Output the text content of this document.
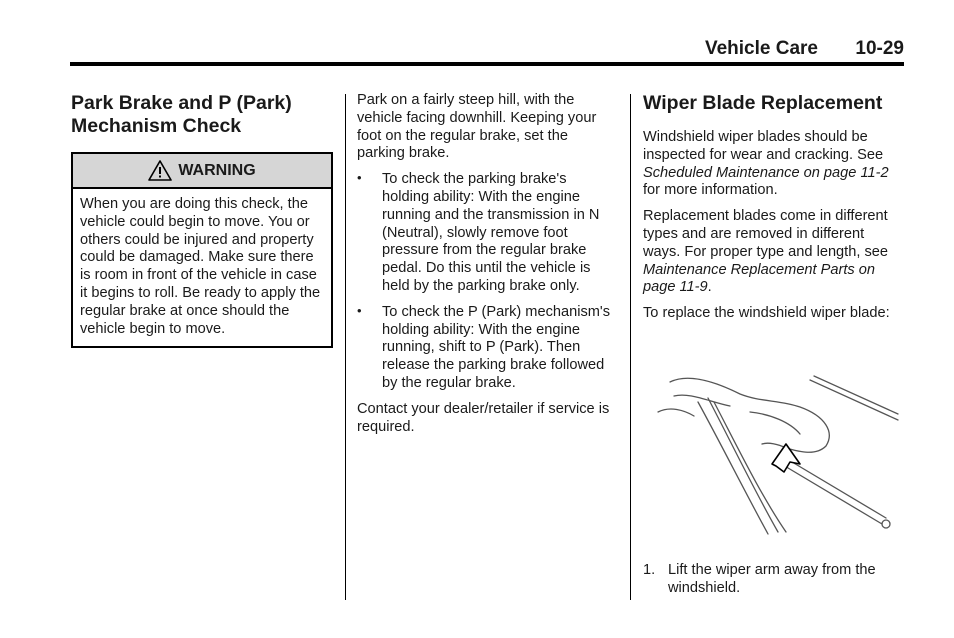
Vehicle Care 10-29
Park Brake and P (Park) Mechanism Check
WARNING
When you are doing this check, the vehicle could begin to move. You or others could be injured and property could be damaged. Make sure there is room in front of the vehicle in case it begins to roll. Be ready to apply the regular brake at once should the vehicle begin to move.

Park on a fairly steep hill, with the vehicle facing downhill. Keeping your foot on the regular brake, set the parking brake.

• To check the parking brake's holding ability: With the engine running and the transmission in N (Neutral), slowly remove foot pressure from the regular brake pedal. Do this until the vehicle is held by the parking brake only.
• To check the P (Park) mechanism's holding ability: With the engine running, shift to P (Park). Then release the parking brake followed by the regular brake.

Contact your dealer/retailer if service is required.

Wiper Blade Replacement

Windshield wiper blades should be inspected for wear and cracking. See Scheduled Maintenance on page 11-2 for more information.

Replacement blades come in different types and are removed in different ways. For proper type and length, see Maintenance Replacement Parts on page 11-9.

To replace the windshield wiper blade:

1. Lift the wiper arm away from the windshield.
